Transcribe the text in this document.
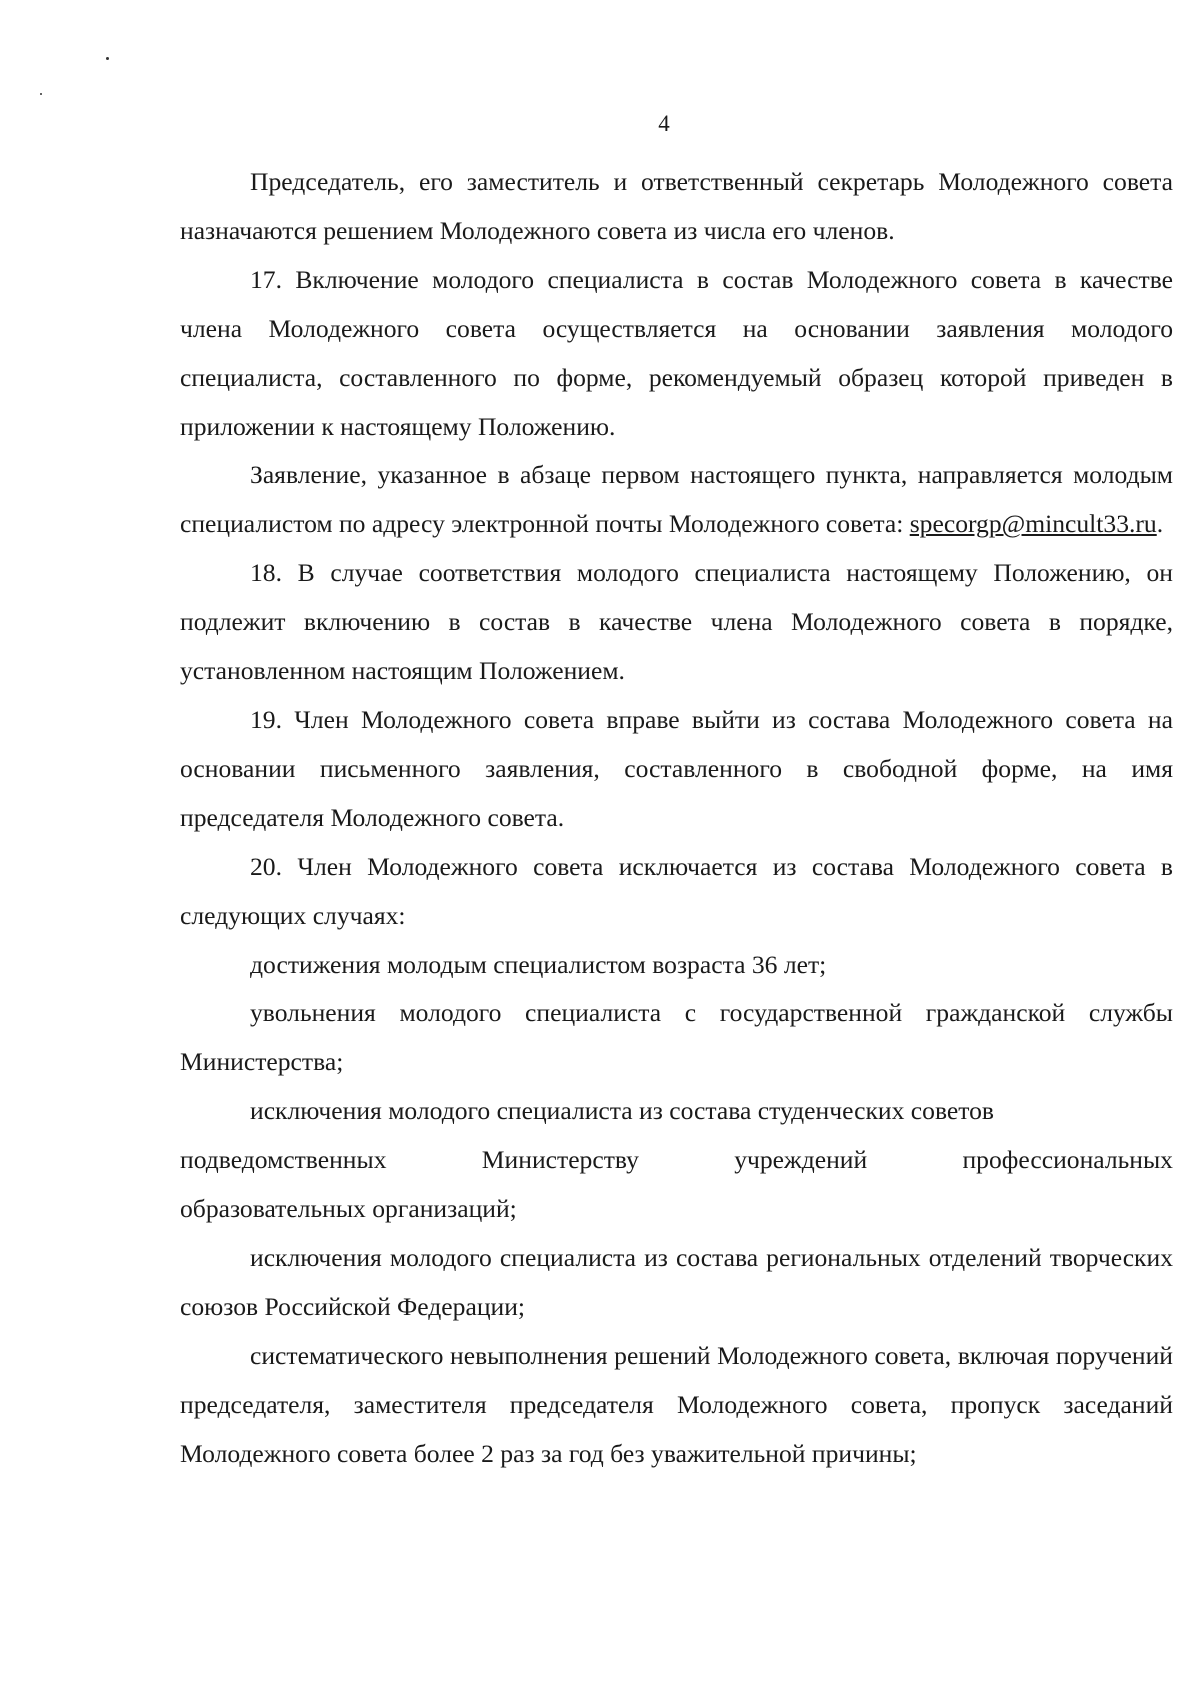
4

Председатель, его заместитель и ответственный секретарь Молодежного совета назначаются решением Молодежного совета из числа его членов.

17. Включение молодого специалиста в состав Молодежного совета в качестве члена Молодежного совета осуществляется на основании заявления молодого специалиста, составленного по форме, рекомендуемый образец которой приведен в приложении к настоящему Положению.

Заявление, указанное в абзаце первом настоящего пункта, направляется молодым специалистом по адресу электронной почты Молодежного совета: specorgp@mincult33.ru.

18. В случае соответствия молодого специалиста настоящему Положению, он подлежит включению в состав в качестве члена Молодежного совета в порядке, установленном настоящим Положением.

19. Член Молодежного совета вправе выйти из состава Молодежного совета на основании письменного заявления, составленного в свободной форме, на имя председателя Молодежного совета.

20. Член Молодежного совета исключается из состава Молодежного совета в следующих случаях:

достижения молодым специалистом возраста 36 лет;

увольнения молодого специалиста с государственной гражданской службы Министерства;

исключения молодого специалиста из состава студенческих советов

подведомственных	Министерству	учреждений	профессиональных

образовательных организаций;

исключения молодого специалиста из состава региональных отделений творческих союзов Российской Федерации;

систематического невыполнения решений Молодежного совета, включая поручений председателя, заместителя председателя Молодежного совета, пропуск заседаний Молодежного совета более 2 раз за год без уважительной причины;
